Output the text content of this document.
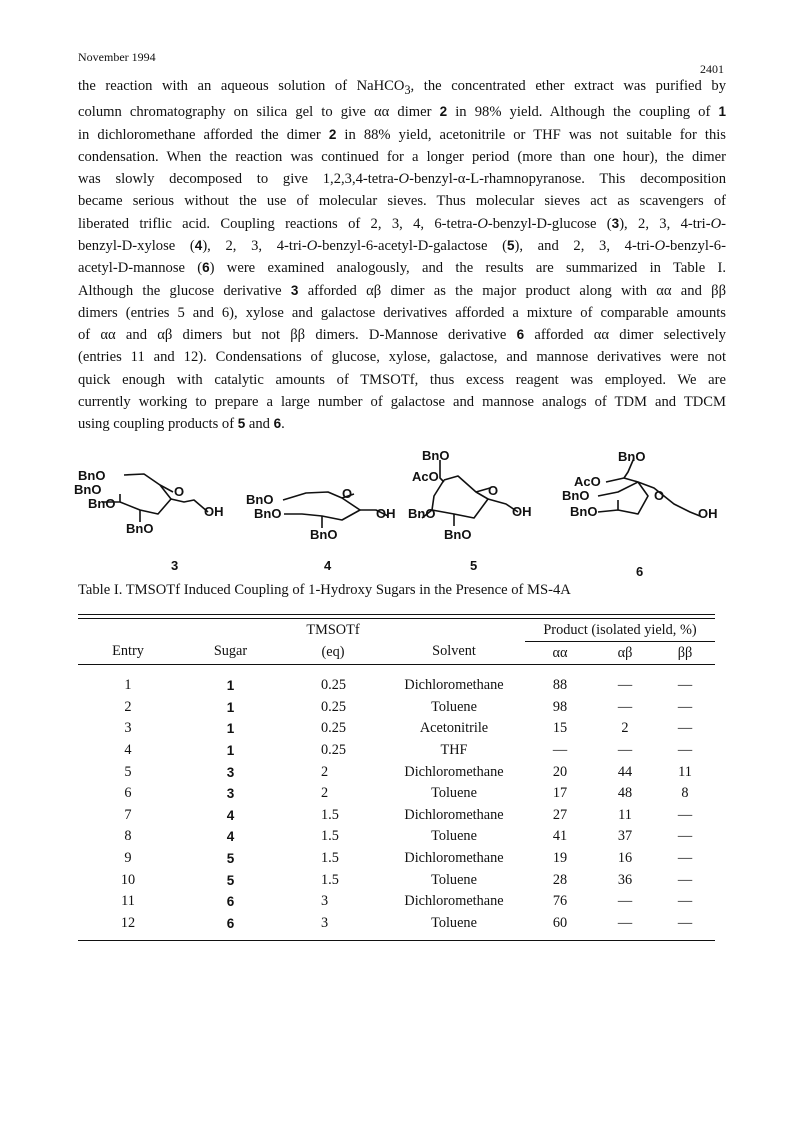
November 1994
2401

the reaction with an aqueous solution of NaHCO$_3$, the concentrated ether extract was purified by

column chromatography on silica gel to give αα dimer 2 in 98% yield. Although the coupling of 1

in dichloromethane afforded the dimer 2 in 88% yield, acetonitrile or THF was not suitable for this

condensation. When the reaction was continued for a longer period (more than one hour), the dimer

was slowly decomposed to give 1,2,3,4-tetra-O-benzyl-α-L-rhamnopyranose. This decomposition

became serious without the use of molecular sieves. Thus molecular sieves act as scavengers of

liberated triflic acid. Coupling reactions of 2, 3, 4, 6-tetra-O-benzyl-D-glucose (3), 2, 3, 4-tri-O-

benzyl-D-xylose (4), 2, 3, 4-tri-O-benzyl-6-acetyl-D-galactose (5), and 2, 3, 4-tri-O-benzyl-6-

acetyl-D-mannose (6) were examined analogously, and the results are summarized in Table I.

Although the glucose derivative 3 afforded αβ dimer as the major product along with αα and ββ

dimers (entries 5 and 6), xylose and galactose derivatives afforded a mixture of comparable amounts

of αα and αβ dimers but not ββ dimers. D-Mannose derivative 6 afforded αα dimer selectively

(entries 11 and 12). Condensations of glucose, xylose, galactose, and mannose derivatives were not

quick enough with catalytic amounts of TMSOTf, thus excess reagent was employed. We are

currently working to prepare a large number of galactose and mannose analogs of TDM and TDCM

using coupling products of 5 and 6.

BnO
BnO
BnO
O
OH
BnO
3
BnO
BnO
O
OH
BnO
4
BnO
AcO
O
BnO	OH
BnO
5
BnO
AcO
O
BnO
BnO	OH
6
Table I. TMSOTf Induced Coupling of 1-Hydroxy Sugars in the Presence of MS-4A
Entry	Sugar	TMSOTf	Solvent	Product (isolated yield, %)		
		(eq)		αα	αβ	ββ

1	1	0.25	Dichloromethane	88	—	—
2	1	0.25	Toluene	98	—	—
3	1	0.25	Acetonitrile	15	2	—
4	1	0.25	THF	—	—	—
5	3	2	Dichloromethane	20	44	11
6	3	2	Toluene	17	48	8
7	4	1.5	Dichloromethane	27	11	—
8	4	1.5	Toluene	41	37	—
9	5	1.5	Dichloromethane	19	16	—
10	5	1.5	Toluene	28	36	—
11	6	3	Dichloromethane	76	—	—
12	6	3	Toluene	60	—	—
